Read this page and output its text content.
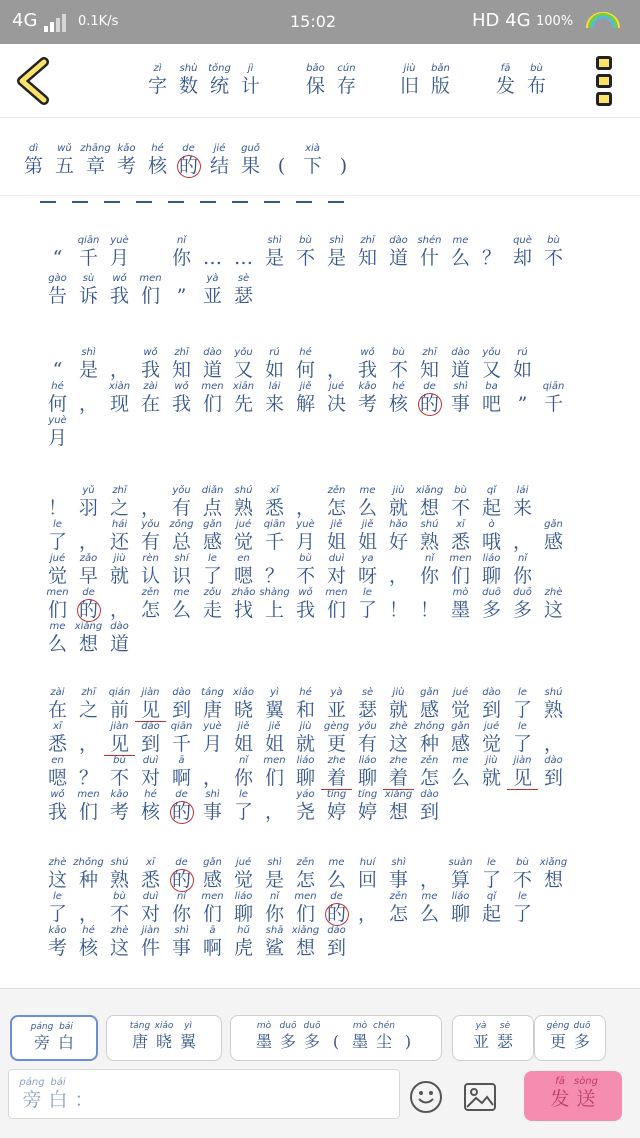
4G	0.1K/s	15:02	HD 4G 100%
zì
字
shù
数
tǒng
统
jì
计
bǎo
保
cún
存
jiù
旧
bǎn
版
fā
发
bù
布
dì
第
wǔ
五
zhāng
章
kǎo
考
hé
核
de
的
jié
结
guǒ
果 (
xià
下 )
“
qiān
千
yuè
月
nǐ
你 … …
shì
是
bù
不
shì
是
zhī
知
dào
道
shén
什
me
么 ？
què
却
bù
不
gào
告
sù
诉
wǒ
我
men
们 ”
yà
亚
sè
瑟
“
shì
是 ，
wǒ
我
zhī
知
dào
道
yǒu
又
rú
如
hé
何 ，
wǒ
我
bù
不
zhī
知
dào
道
yǒu
又
rú
如
hé
何 ，
xiàn
现
zài
在
wǒ
我
men
们
xiān
先
lái
来
jiě
解
jué
决
kǎo
考
hé
核
de
的
shì
事
ba
吧 ”
qiān
千
yuè
月
！
yǔ
羽
zhī
之 ，
yǒu
有
diǎn
点
shú
熟
xī
悉 ，
zěn
怎
me
么
jiù
就
xiǎng
想
bù
不
qǐ
起
lái
来
le
了 ，
hái
还
yǒu
有
zǒng
总
gǎn
感
jué
觉
qiān
千
yuè
月
jiě
姐
jiě
姐
hǎo
好
shú
熟
xī
悉
ò
哦 ，
gǎn
感
jué
觉
zǎo
早
jiù
就
rèn
认
shí
识
le
了
en
嗯 ？
bù
不
duì
对
ya
呀 ，
nǐ
你
men
们
liáo
聊
nǐ
你
men
们
de
的 ，
zěn
怎
me
么
zǒu
走
zhǎo
找
shàng
上
wǒ
我
men
们
le
了 ！ ！
mò
墨
duō
多
duō
多
zhè
这
me
么
xiǎng
想
dào
道
zài
在
zhī
之
qián
前
jiàn
见
dào
到
táng
唐
xiǎo
晓
yì
翼
hé
和
yà
亚
sè
瑟
jiù
就
gǎn
感
jué
觉
dào
到
le
了
shú
熟
xī
悉 ，
jiàn
见
dào
到
qiān
千
yuè
月
jiě
姐
jiě
姐
jiù
就
gèng
更
yǒu
有
zhè
这
zhǒng
种
gǎn
感
jué
觉
le
了 ，
en
嗯 ？
bù
不
duì
对
ā
啊 ，
nǐ
你
men
们
liáo
聊
zhe
着
liáo
聊
zhe
着
zěn
怎
me
么
jiù
就
jiàn
见
dào
到
wǒ
我
men
们
kǎo
考
hé
核
de
的
shì
事
le
了 ，
yáo
尧
tíng
婷
tíng
婷
xiǎng
想
dào
到
zhè
这
zhǒng
种
shú
熟
xī
悉
de
的
gǎn
感
jué
觉
shì
是
zěn
怎
me
么
huí
回
shì
事 ，
suàn
算
le
了
bù
不
xiǎng
想
le
了 ，
bù
不
duì
对
nǐ
你
men
们
liáo
聊
nǐ
你
men
们
de
的 ，
zěn
怎
me
么
liáo
聊
qǐ
起
le
了
kǎo
考
hé
核
zhè
这
jiàn
件
shì
事
ā
啊
hǔ
虎
shā
鲨
xiǎng
想
dào
到
páng
旁
bái
白
táng
唐
xiǎo
晓
yì
翼
mò
墨
duō
多
duō
多 (
mò
墨
chén
尘 )
yà
亚
sè
瑟
gèng
更
duō
多
páng
旁
bái
白 ：
fā
发
sòng
送
